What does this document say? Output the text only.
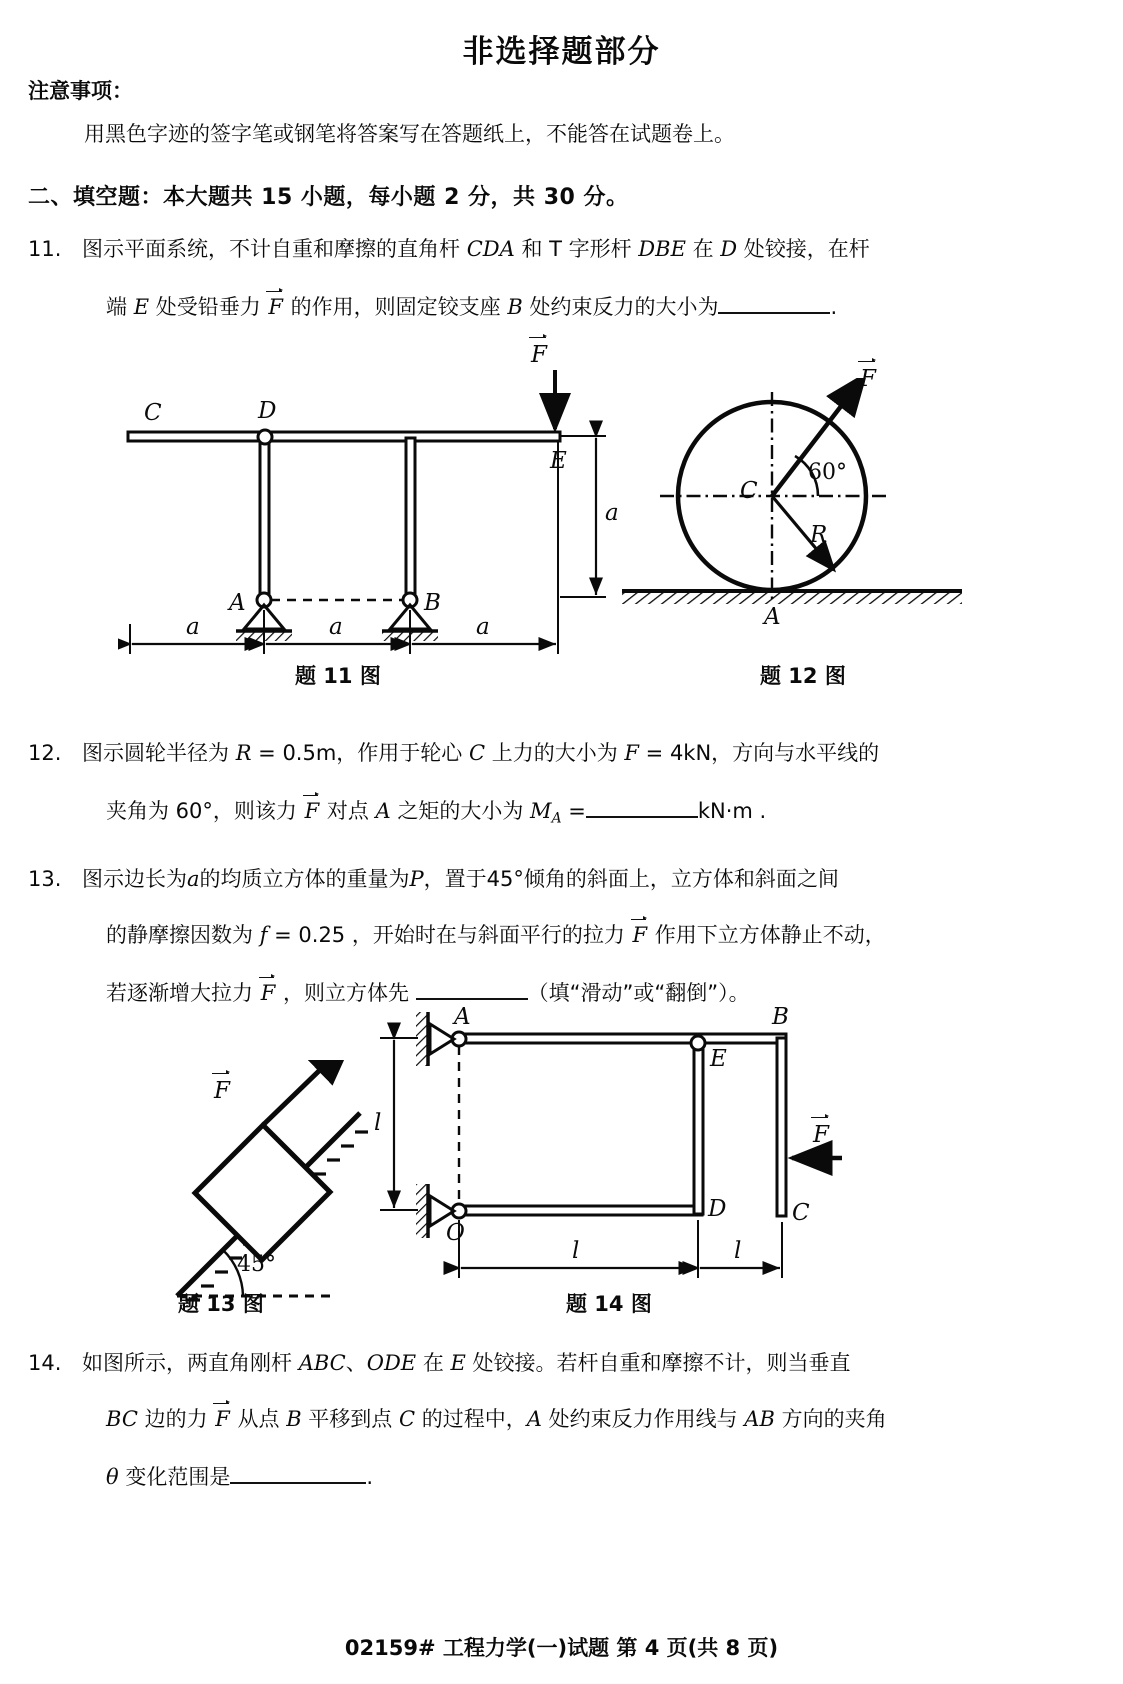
非选择题部分
注意事项：
用黑色字迹的签字笔或钢笔将答案写在答题纸上，不能答在试题卷上。
二、填空题：本大题共 15 小题，每小题 2 分，共 30 分。
11. 图示平面系统，不计自重和摩擦的直角杆 CDA 和 T 字形杆 DBE 在 D 处铰接，在杆
端 E 处受铅垂力 F 的作用，则固定铰支座 B 处约束反力的大小为	.
C	D
E
A	B
F
a
a	a	a
题 11 图
C
60°
R
F
A
题 12 图
12. 图示圆轮半径为 R = 0.5m，作用于轮心 C 上力的大小为 F = 4kN，方向与水平线的
夹角为 60°，则该力 F 对点 A 之矩的大小为 $M_A$ =	kN·m .
13. 图示边长为a的均质立方体的重量为P，置于45°倾角的斜面上，立方体和斜面之间
的静摩擦因数为 f = 0.25 ，开始时在与斜面平行的拉力 F 作用下立方体静止不动，
若逐渐增大拉力 F ，则立方体先	（填“滑动”或“翻倒”）。
F
45°
题 13 图
A	B
C
D
E
O
F
l
l	l
题 14 图
14. 如图所示，两直角刚杆 ABC、ODE 在 E 处铰接。若杆自重和摩擦不计，则当垂直
BC 边的力 F 从点 B 平移到点 C 的过程中，A 处约束反力作用线与 AB 方向的夹角
θ 变化范围是	.
02159# 工程力学(一)试题 第 4 页(共 8 页)
